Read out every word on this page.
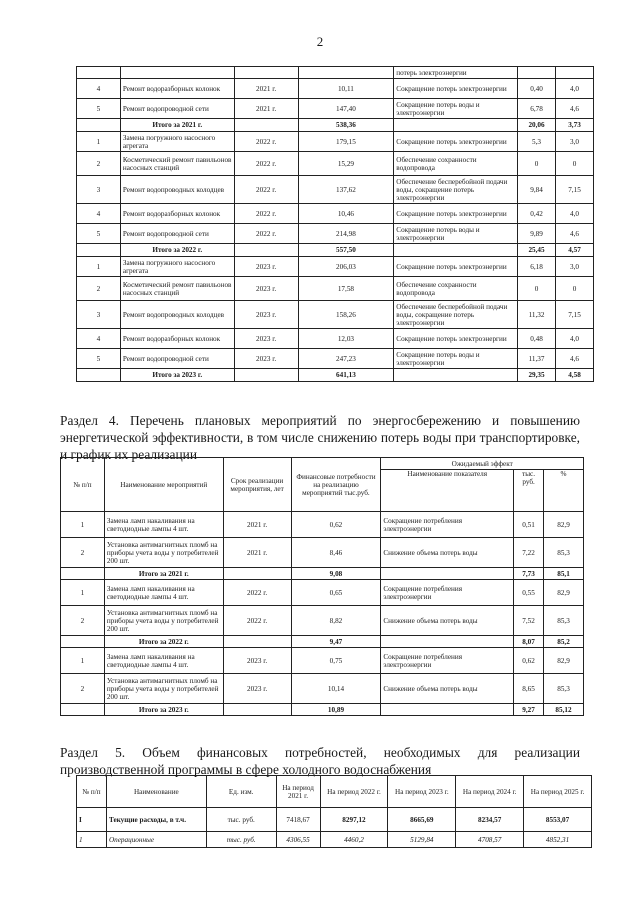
2
				потерь электроэнергии		
4	Ремонт водоразборных колонок	2021 г.	10,11	Сокращение потерь электроэнергии	0,40	4,0
5	Ремонт водопроводной сети	2021 г.	147,40	Сокращение потерь воды и электроэнергии	6,78	4,6
	Итого за 2021 г.		538,36		20,06	3,73
1	Замена погружного насосного агрегата	2022 г.	179,15	Сокращение потерь электроэнергии	5,3	3,0
2	Косметический ремонт павильонов насосных станций	2022 г.	15,29	Обеспечение сохранности водопровода	0	0
3	Ремонт водопроводных колодцев	2022 г.	137,62	Обеспечение бесперебойной подачи воды, сокращение потерь электроэнергии	9,84	7,15
4	Ремонт водоразборных колонок	2022 г.	10,46	Сокращение потерь электроэнергии	0,42	4,0
5	Ремонт водопроводной сети	2022 г.	214,98	Сокращение потерь воды и электроэнергии	9,89	4,6
	Итого за 2022 г.		557,50		25,45	4,57
1	Замена погружного насосного агрегата	2023 г.	206,03	Сокращение потерь электроэнергии	6,18	3,0
2	Косметический ремонт павильонов насосных станций	2023 г.	17,58	Обеспечение сохранности водопровода	0	0
3	Ремонт водопроводных колодцев	2023 г.	158,26	Обеспечение бесперебойной подачи воды, сокращение потерь электроэнергии	11,32	7,15
4	Ремонт водоразборных колонок	2023 г.	12,03	Сокращение потерь электроэнергии	0,48	4,0
5	Ремонт водопроводной сети	2023 г.	247,23	Сокращение потерь воды и электроэнергии	11,37	4,6
	Итого за 2023 г.		641,13		29,35	4,58
Раздел 4. Перечень плановых мероприятий по энергосбережению и повышению энергетической эффективности, в том числе снижению потерь воды при транспортировке, и график их реализации
№ п/п	Наименование мероприятий	Срок реализации мероприятия, лет	Финансовые потребности на реализацию мероприятий тыс.руб.	Ожидаемый эффект		
				Наименование показателя	тыс. руб.	%
1	Замена ламп накаливания на светодиодные лампы 4 шт.	2021 г.	0,62	Сокращение потребления электроэнергии	0,51	82,9
2	Установка антимагнитных пломб на приборы учета воды у потребителей 200 шт.	2021 г.	8,46	Снижение объема потерь воды	7,22	85,3
	Итого за 2021 г.		9,08		7,73	85,1
1	Замена ламп накаливания на светодиодные лампы 4 шт.	2022 г.	0,65	Сокращение потребления электроэнергии	0,55	82,9
2	Установка антимагнитных пломб на приборы учета воды у потребителей 200 шт.	2022 г.	8,82	Снижение объема потерь воды	7,52	85,3
	Итого за 2022 г.		9,47		8,07	85,2
1	Замена ламп накаливания на светодиодные лампы 4 шт.	2023 г.	0,75	Сокращение потребления электроэнергии	0,62	82,9
2	Установка антимагнитных пломб на приборы учета воды у потребителей 200 шт.	2023 г.	10,14	Снижение объема потерь воды	8,65	85,3
	Итого за 2023 г.		10,89		9,27	85,12
Раздел 5. Объем финансовых потребностей, необходимых для реализации производственной программы в сфере холодного водоснабжения
№ п/п	Наименование	Ед. изм.	На период 2021 г.	На период 2022 г.	На период 2023 г.	На период 2024 г.	На период 2025 г.
I	Текущие расходы, в т.ч.	тыс. руб.	7418,67	8297,12	8665,69	8234,57	8553,07
1	Операционные	тыс. руб.	4306,55	4460,2	5129,84	4708,57	4852,31
